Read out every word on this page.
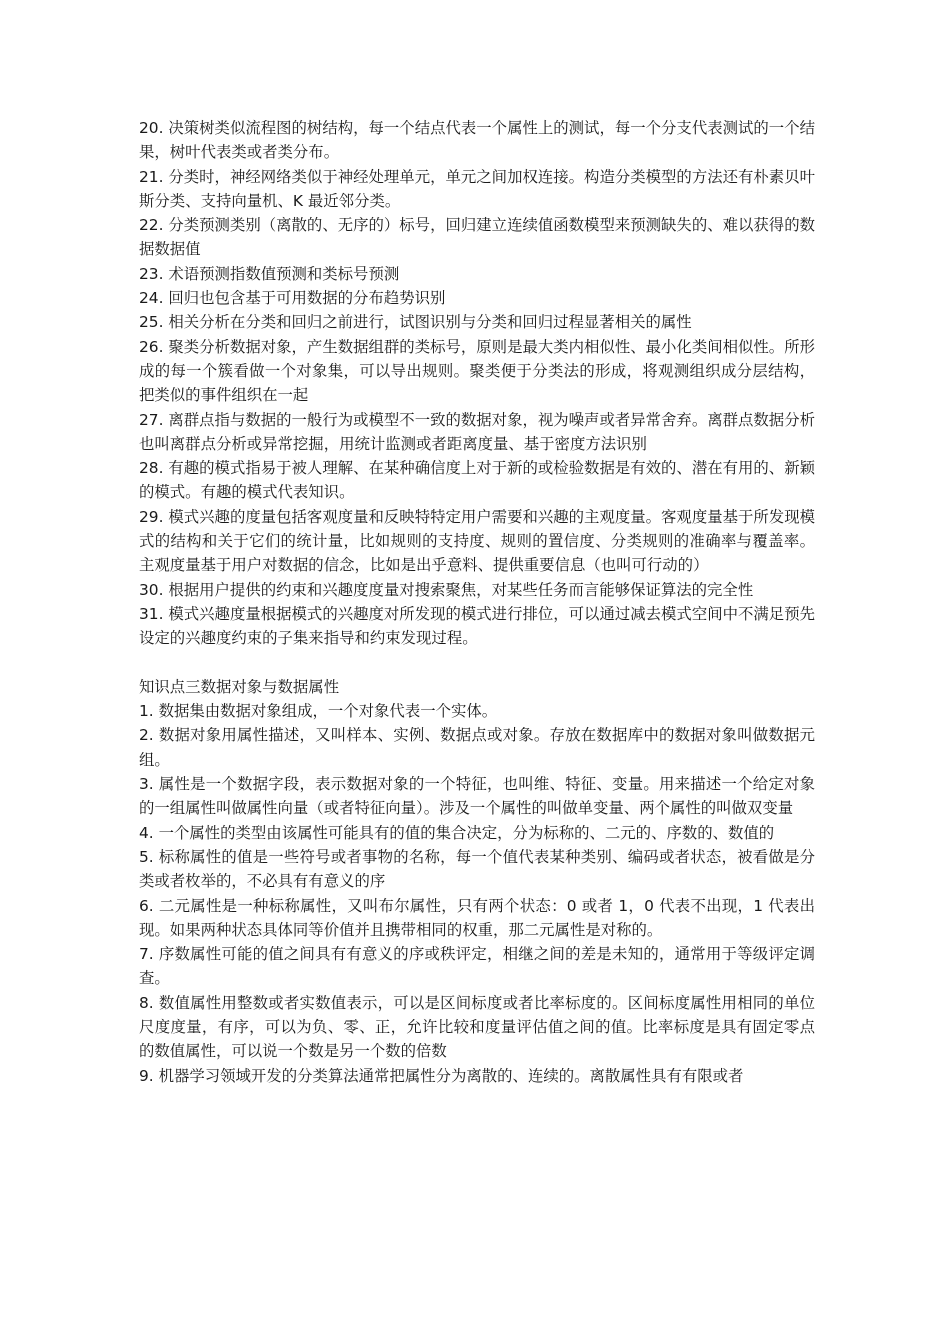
20. 决策树类似流程图的树结构，每一个结点代表一个属性上的测试，每一个分支代表测试的一个结果，树叶代表类或者类分布。

21. 分类时，神经网络类似于神经处理单元，单元之间加权连接。构造分类模型的方法还有朴素贝叶斯分类、支持向量机、K 最近邻分类。

22. 分类预测类别（离散的、无序的）标号，回归建立连续值函数模型来预测缺失的、难以获得的数据数据值

23. 术语预测指数值预测和类标号预测

24. 回归也包含基于可用数据的分布趋势识别

25. 相关分析在分类和回归之前进行，试图识别与分类和回归过程显著相关的属性

26. 聚类分析数据对象，产生数据组群的类标号，原则是最大类内相似性、最小化类间相似性。所形成的每一个簇看做一个对象集，可以导出规则。聚类便于分类法的形成，将观测组织成分层结构，把类似的事件组织在一起

27. 离群点指与数据的一般行为或模型不一致的数据对象，视为噪声或者异常舍弃。离群点数据分析也叫离群点分析或异常挖掘，用统计监测或者距离度量、基于密度方法识别

28. 有趣的模式指易于被人理解、在某种确信度上对于新的或检验数据是有效的、潜在有用的、新颖的模式。有趣的模式代表知识。

29. 模式兴趣的度量包括客观度量和反映特特定用户需要和兴趣的主观度量。客观度量基于所发现模式的结构和关于它们的统计量，比如规则的支持度、规则的置信度、分类规则的准确率与覆盖率。主观度量基于用户对数据的信念，比如是出乎意料、提供重要信息（也叫可行动的）

30. 根据用户提供的约束和兴趣度度量对搜索聚焦，对某些任务而言能够保证算法的完全性

31. 模式兴趣度量根据模式的兴趣度对所发现的模式进行排位，可以通过减去模式空间中不满足预先设定的兴趣度约束的子集来指导和约束发现过程。

知识点三数据对象与数据属性

1. 数据集由数据对象组成，一个对象代表一个实体。

2. 数据对象用属性描述，又叫样本、实例、数据点或对象。存放在数据库中的数据对象叫做数据元组。

3. 属性是一个数据字段，表示数据对象的一个特征，也叫维、特征、变量。用来描述一个给定对象的一组属性叫做属性向量（或者特征向量）。涉及一个属性的叫做单变量、两个属性的叫做双变量

4. 一个属性的类型由该属性可能具有的值的集合决定，分为标称的、二元的、序数的、数值的

5. 标称属性的值是一些符号或者事物的名称，每一个值代表某种类别、编码或者状态，被看做是分类或者枚举的，不必具有有意义的序

6. 二元属性是一种标称属性，又叫布尔属性，只有两个状态：0 或者 1，0 代表不出现，1 代表出现。如果两种状态具体同等价值并且携带相同的权重，那二元属性是对称的。

7. 序数属性可能的值之间具有有意义的序或秩评定，相继之间的差是未知的，通常用于等级评定调查。

8. 数值属性用整数或者实数值表示，可以是区间标度或者比率标度的。区间标度属性用相同的单位尺度度量，有序，可以为负、零、正，允许比较和度量评估值之间的值。比率标度是具有固定零点的数值属性，可以说一个数是另一个数的倍数

9. 机器学习领域开发的分类算法通常把属性分为离散的、连续的。离散属性具有有限或者
